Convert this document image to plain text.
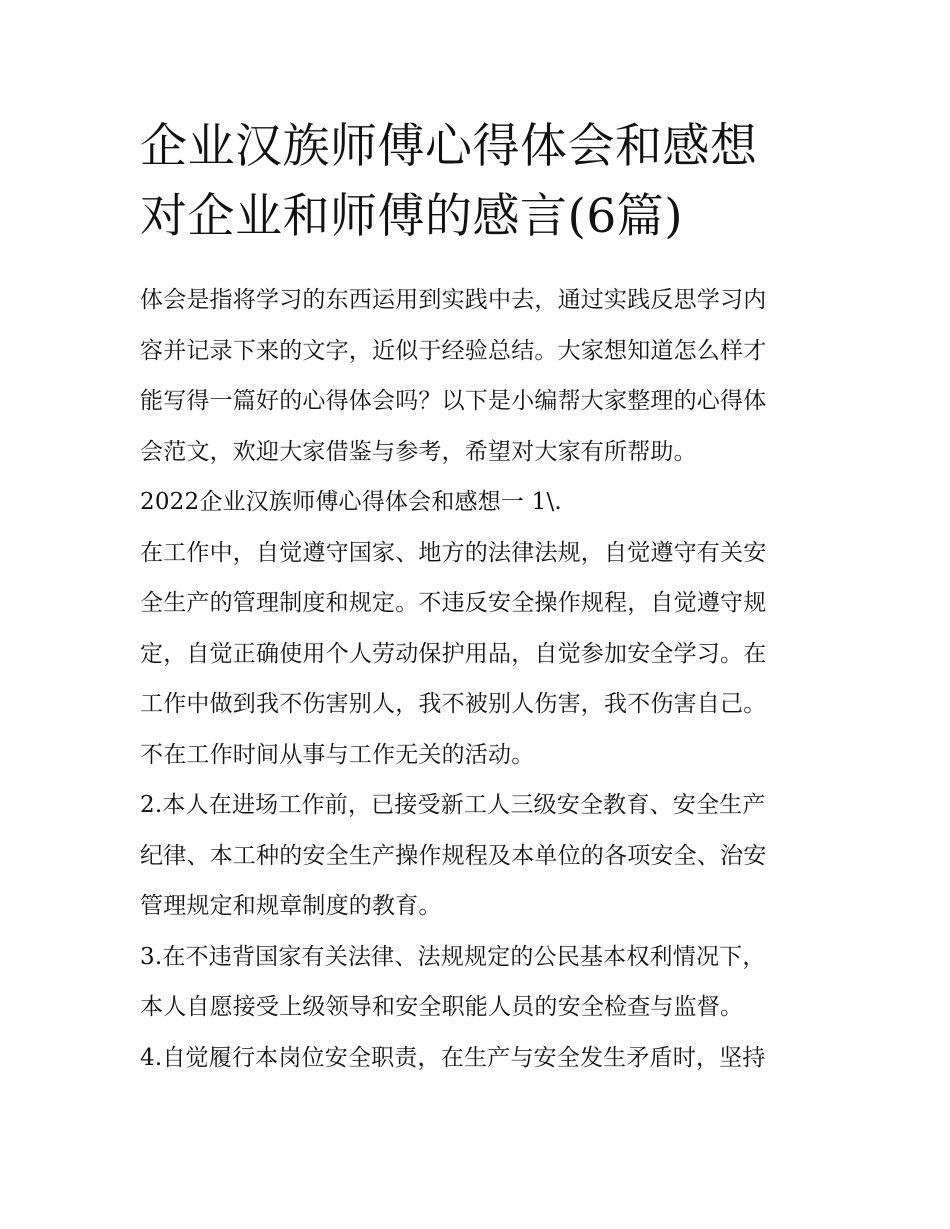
企业汉族师傅心得体会和感想
对企业和师傅的感言(6篇)

体会是指将学习的东西运用到实践中去，通过实践反思学习内
容并记录下来的文字，近似于经验总结。大家想知道怎么样才
能写得一篇好的心得体会吗？以下是小编帮大家整理的心得体
会范文，欢迎大家借鉴与参考，希望对大家有所帮助。

2022企业汉族师傅心得体会和感想一 1\.

在工作中，自觉遵守国家、地方的法律法规，自觉遵守有关安
全生产的管理制度和规定。不违反安全操作规程，自觉遵守规
定，自觉正确使用个人劳动保护用品，自觉参加安全学习。在
工作中做到我不伤害别人，我不被别人伤害，我不伤害自己。
不在工作时间从事与工作无关的活动。

2.本人在进场工作前，已接受新工人三级安全教育、安全生产
纪律、本工种的安全生产操作规程及本单位的各项安全、治安
管理规定和规章制度的教育。

3.在不违背国家有关法律、法规规定的公民基本权利情况下，
本人自愿接受上级领导和安全职能人员的安全检查与监督。

4.自觉履行本岗位安全职责，在生产与安全发生矛盾时，坚持
